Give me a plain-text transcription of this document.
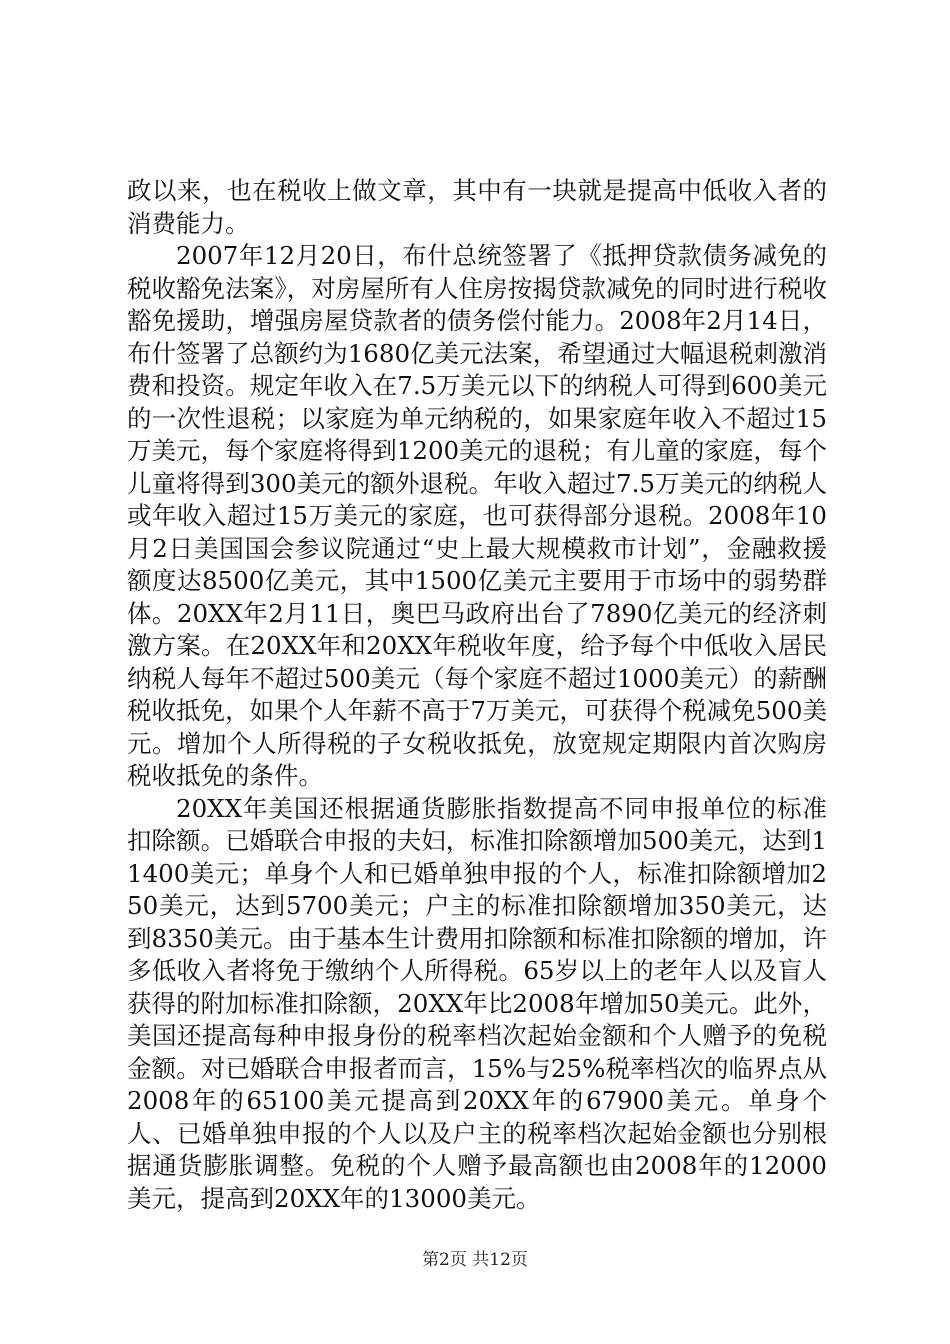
政以来，也在税收上做文章，其中有一块就是提高中低收入者的消费能力。

2007年12月20日，布什总统签署了《抵押贷款债务减免的税收豁免法案》，对房屋所有人住房按揭贷款减免的同时进行税收豁免援助，增强房屋贷款者的债务偿付能力。2008年2月14日，布什签署了总额约为1680亿美元法案，希望通过大幅退税刺激消费和投资。规定年收入在7.5万美元以下的纳税人可得到600美元的一次性退税；以家庭为单元纳税的，如果家庭年收入不超过15万美元，每个家庭将得到1200美元的退税；有儿童的家庭，每个儿童将得到300美元的额外退税。年收入超过7.5万美元的纳税人或年收入超过15万美元的家庭，也可获得部分退税。2008年10月2日美国国会参议院通过“史上最大规模救市计划”，金融救援额度达8500亿美元，其中1500亿美元主要用于市场中的弱势群体。20XX年2月11日，奥巴马政府出台了7890亿美元的经济刺激方案。在20XX年和20XX年税收年度，给予每个中低收入居民纳税人每年不超过500美元（每个家庭不超过1000美元）的薪酬税收抵免，如果个人年薪不高于7万美元，可获得个税减免500美元。增加个人所得税的子女税收抵免，放宽规定期限内首次购房税收抵免的条件。

20XX年美国还根据通货膨胀指数提高不同申报单位的标准扣除额。已婚联合申报的夫妇，标准扣除额增加500美元，达到11400美元；单身个人和已婚单独申报的个人，标准扣除额增加250美元，达到5700美元；户主的标准扣除额增加350美元，达到8350美元。由于基本生计费用扣除额和标准扣除额的增加，许多低收入者将免于缴纳个人所得税。65岁以上的老年人以及盲人获得的附加标准扣除额，20XX年比2008年增加50美元。此外，美国还提高每种申报身份的税率档次起始金额和个人赠予的免税金额。对已婚联合申报者而言，15%与25%税率档次的临界点从2008年的65100美元提高到20XX年的67900美元。单身个人、已婚单独申报的个人以及户主的税率档次起始金额也分别根据通货膨胀调整。免税的个人赠予最高额也由2008年的12000美元，提高到20XX年的13000美元。

第2页 共12页
